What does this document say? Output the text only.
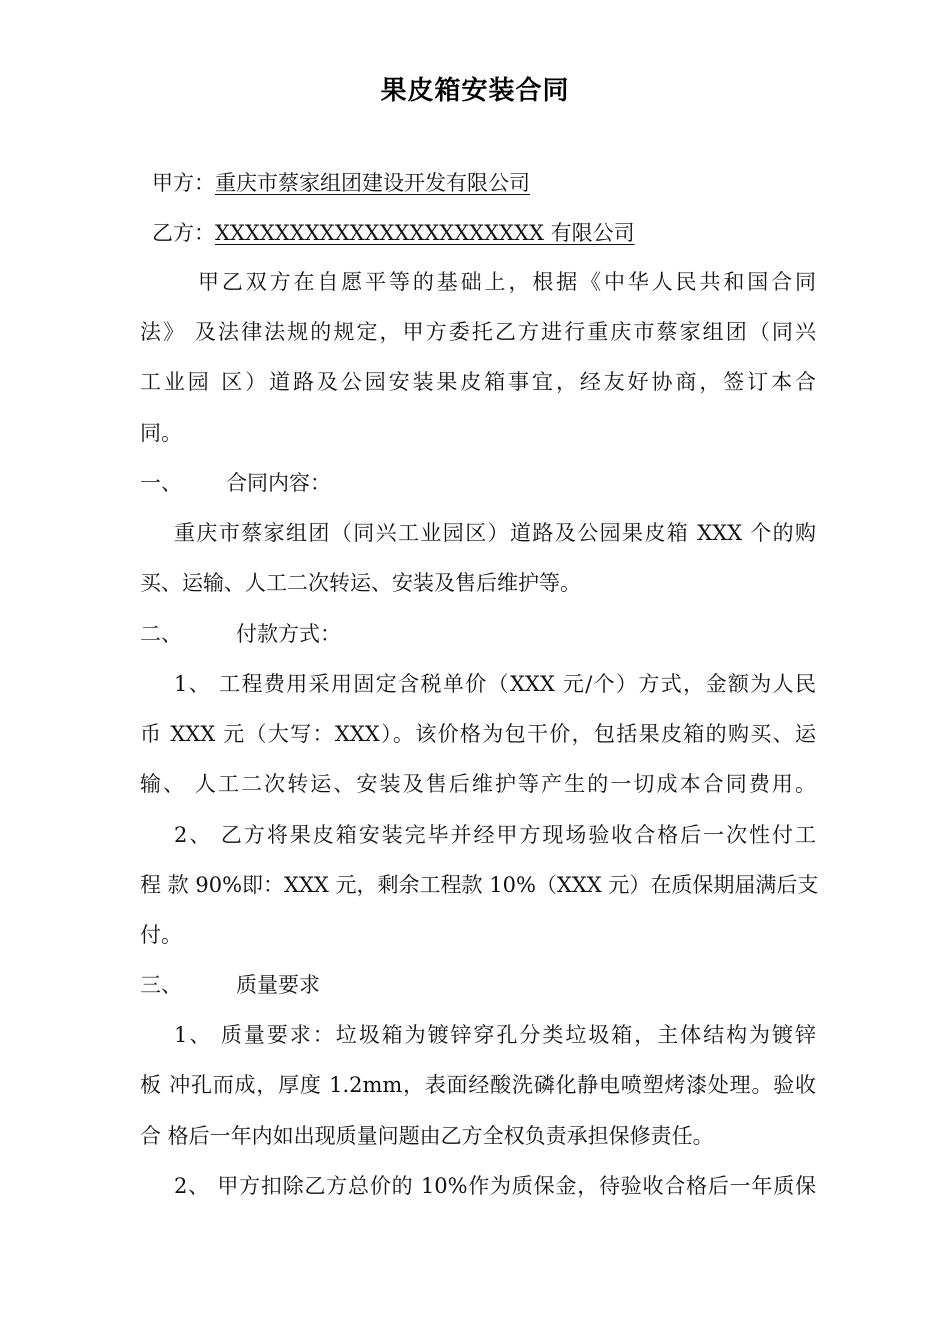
果皮箱安装合同
甲方：重庆市蔡家组团建设开发有限公司
乙方：XXXXXXXXXXXXXXXXXXXXXX 有限公司
甲乙双方在自愿平等的基础上，根据《中华人民共和国合同
法》 及法律法规的规定，甲方委托乙方进行重庆市蔡家组团（同兴
工业园 区）道路及公园安装果皮箱事宜，经友好协商，签订本合
同。
一、 合同内容：
重庆市蔡家组团（同兴工业园区）道路及公园果皮箱 XXX 个的购
买、运输、人工二次转运、安装及售后维护等。
二、	付款方式：
1、 工程费用采用固定含税单价（XXX 元/个）方式，金额为人民
币 XXX 元（大写：XXX）。该价格为包干价，包括果皮箱的购买、运
输、 人工二次转运、安装及售后维护等产生的一切成本合同费用。
2、 乙方将果皮箱安装完毕并经甲方现场验收合格后一次性付工
程 款 90%即：XXX 元，剩余工程款 10%（XXX 元）在质保期届满后支
付。
三、	质量要求
1、 质量要求：垃圾箱为镀锌穿孔分类垃圾箱，主体结构为镀锌
板 冲孔而成，厚度 1.2mm，表面经酸洗磷化静电喷塑烤漆处理。验收
合 格后一年内如出现质量问题由乙方全权负责承担保修责任。
2、 甲方扣除乙方总价的 10%作为质保金，待验收合格后一年质保
